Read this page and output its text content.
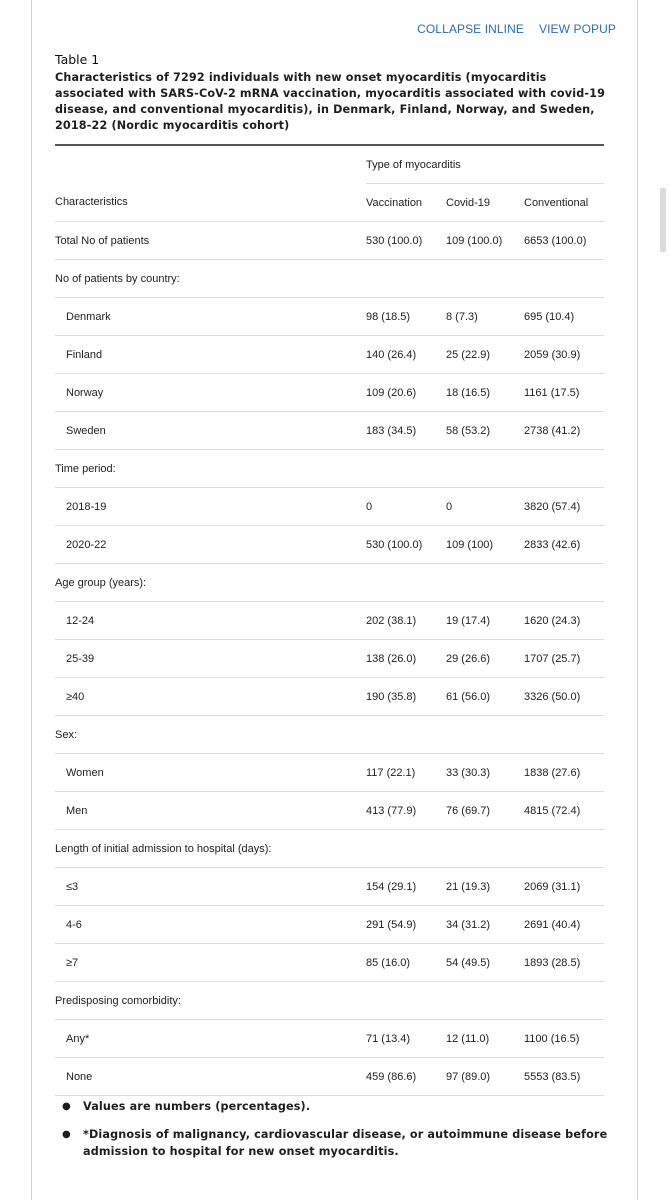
COLLAPSE INLINE VIEW POPUP
Table 1
Characteristics of 7292 individuals with new onset myocarditis (myocarditis associated with SARS-CoV-2 mRNA vaccination, myocarditis associated with covid-19 disease, and conventional myocarditis), in Denmark, Finland, Norway, and Sweden, 2018-22 (Nordic myocarditis cohort)
	Type of myocarditis		
Characteristics	Vaccination	Covid-19	Conventional
Total No of patients	530 (100.0)	109 (100.0)	6653 (100.0)
No of patients by country:			
Denmark	98 (18.5)	8 (7.3)	695 (10.4)
Finland	140 (26.4)	25 (22.9)	2059 (30.9)
Norway	109 (20.6)	18 (16.5)	1161 (17.5)
Sweden	183 (34.5)	58 (53.2)	2738 (41.2)
Time period:			
2018-19	0	0	3820 (57.4)
2020-22	530 (100.0)	109 (100)	2833 (42.6)
Age group (years):			
12-24	202 (38.1)	19 (17.4)	1620 (24.3)
25-39	138 (26.0)	29 (26.6)	1707 (25.7)
≥40	190 (35.8)	61 (56.0)	3326 (50.0)
Sex:			
Women	117 (22.1)	33 (30.3)	1838 (27.6)
Men	413 (77.9)	76 (69.7)	4815 (72.4)
Length of initial admission to hospital (days):			
≤3	154 (29.1)	21 (19.3)	2069 (31.1)
4-6	291 (54.9)	34 (31.2)	2691 (40.4)
≥7	85 (16.0)	54 (49.5)	1893 (28.5)
Predisposing comorbidity:			
Any*	71 (13.4)	12 (11.0)	1100 (16.5)
None	459 (86.6)	97 (89.0)	5553 (83.5)
●	Values are numbers (percentages).
●	*Diagnosis of malignancy, cardiovascular disease, or autoimmune disease before admission to hospital for new onset myocarditis.
